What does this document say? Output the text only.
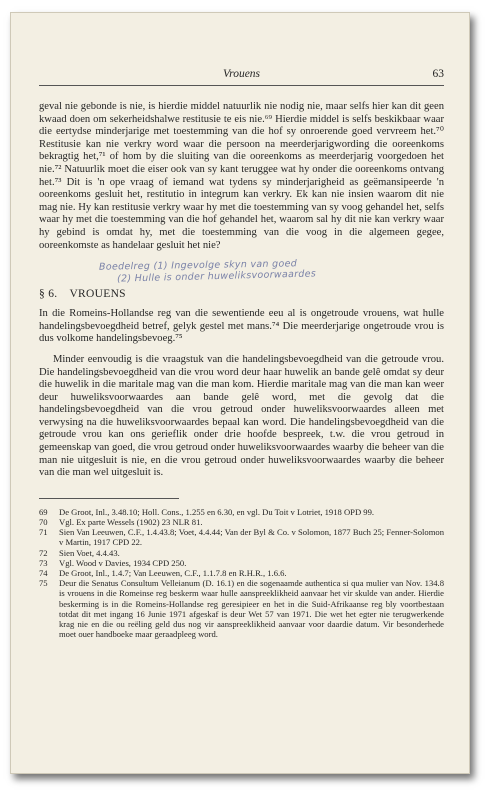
Vrouens	63

geval nie gebonde is nie, is hierdie middel natuurlik nie nodig nie, maar selfs hier kan dit geen kwaad doen om sekerheidshalwe restitusie te eis nie.⁶⁹ Hierdie middel is selfs beskikbaar waar die eertydse minderjarige met toestemming van die hof sy onroerende goed vervreem het.⁷⁰ Restitusie kan nie verkry word waar die persoon na meerderjarigwording die ooreenkoms bekragtig het,⁷¹ of hom by die sluiting van die ooreenkoms as meerderjarig voorgedoen het nie.⁷² Natuurlik moet die eiser ook van sy kant teruggee wat hy onder die ooreenkoms ontvang het.⁷³ Dit is 'n ope vraag of iemand wat tydens sy minderjarigheid as geëmansipeerde 'n ooreenkoms gesluit het, restitutio in integrum kan verkry. Ek kan nie insien waarom dit nie mag nie. Hy kan restitusie verkry waar hy met die toestemming van sy voog gehandel het, selfs waar hy met die toestemming van die hof gehandel het, waarom sal hy dit nie kan verkry waar hy gebind is omdat hy, met die toestemming van die voog in die algemeen gegee, ooreenkomste as handelaar gesluit het nie?

Boedelreg (1) Ingevolge skyn van goed
(2) Hulle is onder huweliksvoorwaardes
§ 6. VROUENS

In die Romeins-Hollandse reg van die sewentiende eeu al is ongetroude vrouens, wat hulle handelingsbevoegdheid betref, gelyk gestel met mans.⁷⁴ Die meerderjarige ongetroude vrou is dus volkome handelingsbevoeg.⁷⁵

Minder eenvoudig is die vraagstuk van die handelingsbevoegdheid van die getroude vrou. Die handelingsbevoegdheid van die vrou word deur haar huwelik an bande gelê omdat sy deur die huwelik in die maritale mag van die man kom. Hierdie maritale mag van die man kan weer deur huweliksvoorwaardes aan bande gelê word, met die gevolg dat die handelingsbevoegdheid van die vrou getroud onder huweliksvoorwaardes alleen met verwysing na die huweliksvoorwaardes bepaal kan word. Die handelingsbevoegdheid van die getroude vrou kan ons gerieflik onder drie hoofde bespreek, t.w. die vrou getroud in gemeenskap van goed, die vrou getroud onder huweliksvoorwaardes waarby die beheer van die man nie uitgesluit is nie, en die vrou getroud onder huweliksvoorwaardes waarby die beheer van die man wel uitgesluit is.

69	De Groot, Inl., 3.48.10; Holl. Cons., 1.255 en 6.30, en vgl. Du Toit v Lotriet, 1918 OPD 99.
70	Vgl. Ex parte Wessels (1902) 23 NLR 81.
71	Sien Van Leeuwen, C.F., 1.4.43.8; Voet, 4.4.44; Van der Byl & Co. v Solomon, 1877 Buch 25; Fenner-Solomon v Martin, 1917 CPD 22.
72	Sien Voet, 4.4.43.
73	Vgl. Wood v Davies, 1934 CPD 250.
74	De Groot, Inl., 1.4.7; Van Leeuwen, C.F., 1.1.7.8 en R.H.R., 1.6.6.
75	Deur die Senatus Consultum Velleianum (D. 16.1) en die sogenaamde authentica si qua mulier van Nov. 134.8 is vrouens in die Romeinse reg beskerm waar hulle aanspreeklikheid aanvaar het vir skulde van ander. Hierdie beskerming is in die Romeins-Hollandse reg geresipieer en het in die Suid-Afrikaanse reg bly voortbestaan totdat dit met ingang 16 Junie 1971 afgeskaf is deur Wet 57 van 1971. Die wet het egter nie terugwerkende krag nie en die ou reëling geld dus nog vir aanspreeklikheid aanvaar voor daardie datum. Vir besonderhede moet ouer handboeke maar geraadpleeg word.
